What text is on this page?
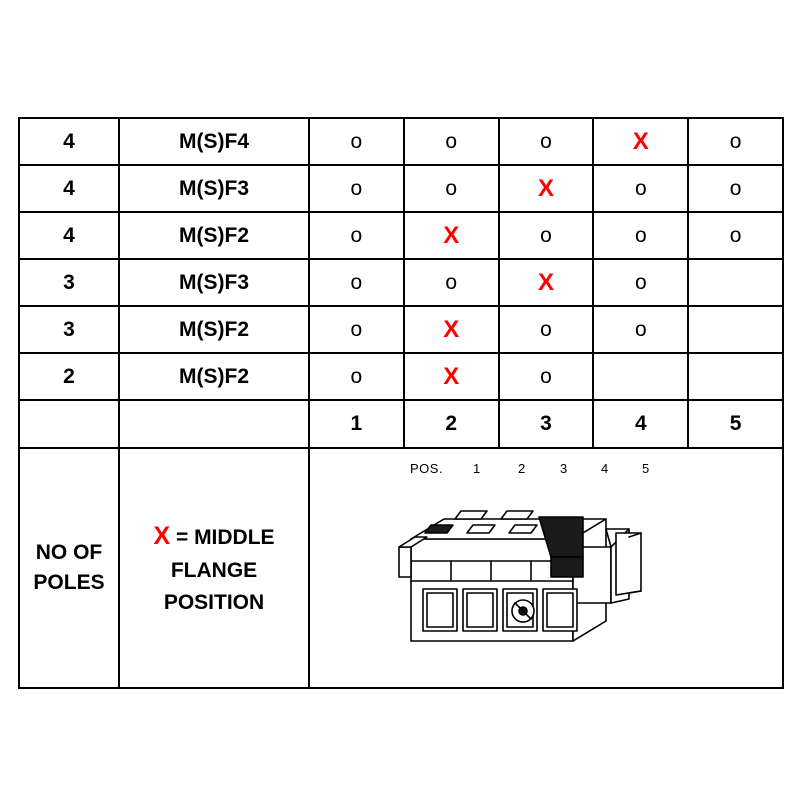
4	M(S)F4	o	o	o	X	o
4	M(S)F3	o	o	X	o	o
4	M(S)F2	o	X	o	o	o
3	M(S)F3	o	o	X	o	
3	M(S)F2	o	X	o	o	
2	M(S)F2	o	X	o		
		1	2	3	4	5

NO OF
POLES

X = MIDDLE
FLANGE
POSITION

POS. 1	2	3	4	5
